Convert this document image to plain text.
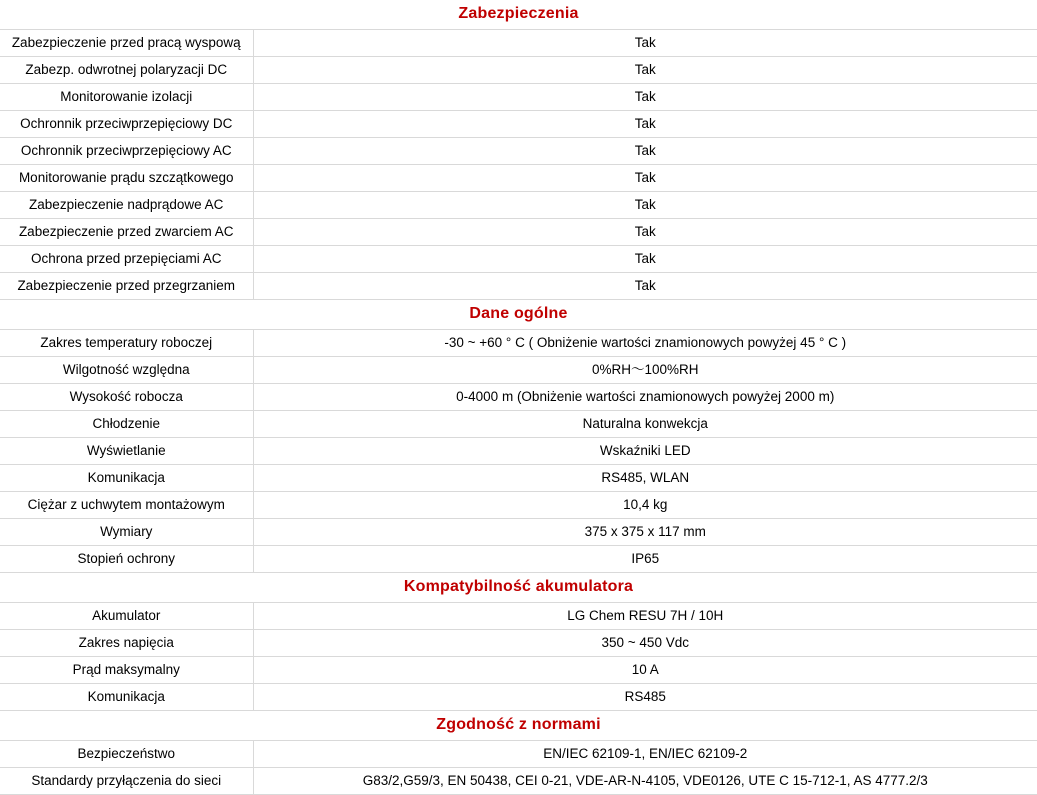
Zabezpieczenia	
Zabezpieczenie przed pracą wyspową	Tak
Zabezp. odwrotnej polaryzacji DC	Tak
Monitorowanie izolacji	Tak
Ochronnik przeciwprzepięciowy DC	Tak
Ochronnik przeciwprzepięciowy AC	Tak
Monitorowanie prądu szczątkowego	Tak
Zabezpieczenie nadprądowe AC	Tak
Zabezpieczenie przed zwarciem AC	Tak
Ochrona przed przepięciami AC	Tak
Zabezpieczenie przed przegrzaniem	Tak
Dane ogólne	
Zakres temperatury roboczej	-30 ~ +60 ° C ( Obniżenie wartości znamionowych powyżej 45 ° C )
Wilgotność względna	0%RH～100%RH
Wysokość robocza	0-4000 m (Obniżenie wartości znamionowych powyżej 2000 m)
Chłodzenie	Naturalna konwekcja
Wyświetlanie	Wskaźniki LED
Komunikacja	RS485, WLAN
Ciężar z uchwytem montażowym	10,4 kg
Wymiary	375 x 375 x 117 mm
Stopień ochrony	IP65
Kompatybilność akumulatora	
Akumulator	LG Chem RESU 7H / 10H
Zakres napięcia	350 ~ 450 Vdc
Prąd maksymalny	10 A
Komunikacja	RS485
Zgodność z normami	
Bezpieczeństwo	EN/IEC 62109-1, EN/IEC 62109-2
Standardy przyłączenia do sieci	G83/2,G59/3, EN 50438, CEI 0-21, VDE-AR-N-4105, VDE0126, UTE C 15-712-1, AS 4777.2/3
